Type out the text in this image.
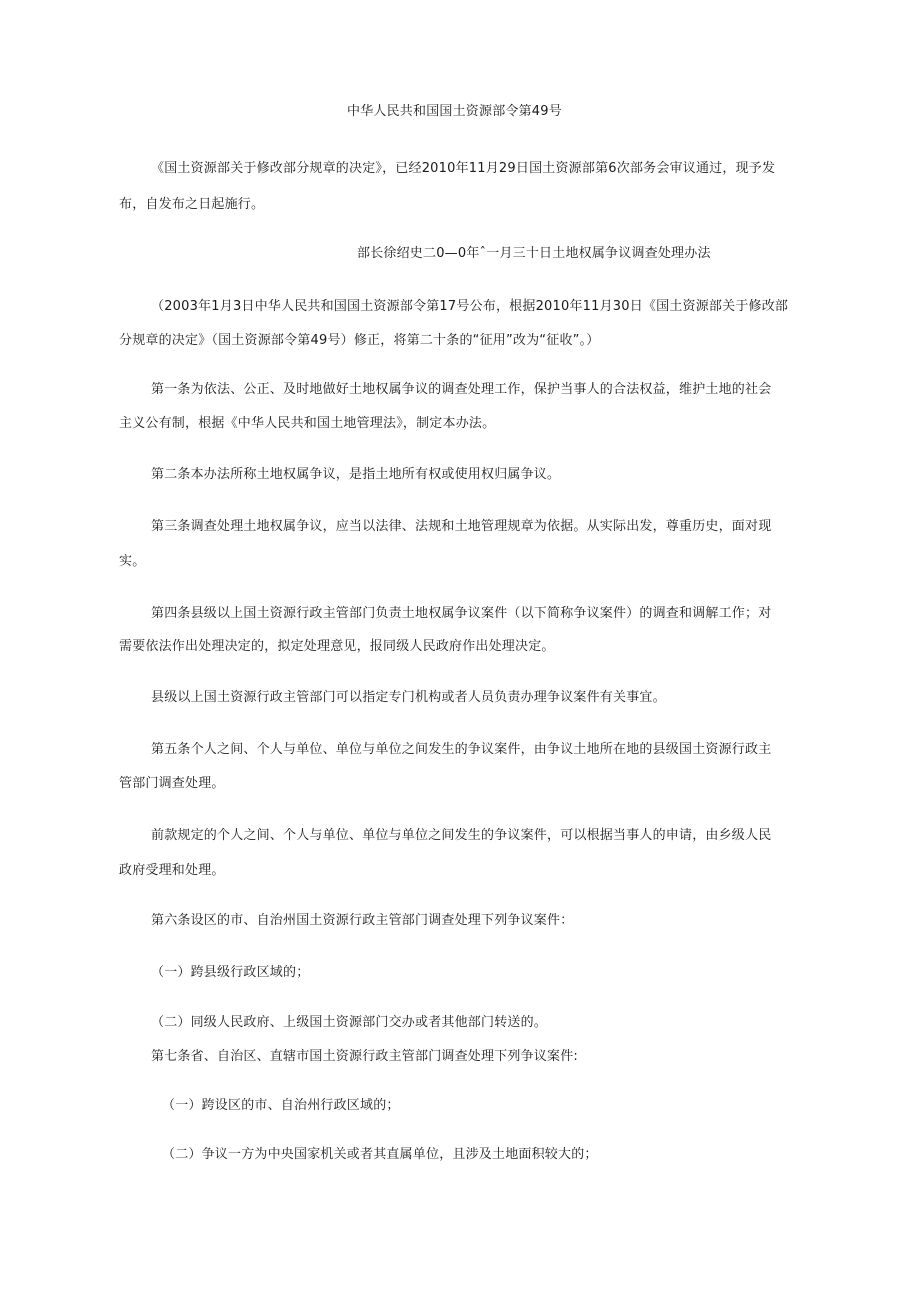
中华人民共和国国土资源部令第49号
《国土资源部关于修改部分规章的决定》，已经2010年11月29日国土资源部第6次部务会审议通过，现予发
布，自发布之日起施行。
部长徐绍史二0—0年ˆ一月三十日土地权属争议调查处理办法
（2003年1月3日中华人民共和国国土资源部令第17号公布，根据2010年11月30日《国土资源部关于修改部
分规章的决定》（国土资源部令第49号）修正，将第二十条的“征用”改为“征收”。）
第一条为依法、公正、及时地做好土地权属争议的调查处理工作，保护当事人的合法权益，维护土地的社会
主义公有制，根据《中华人民共和国土地管理法》，制定本办法。
第二条本办法所称土地权属争议，是指土地所有权或使用权归属争议。
第三条调查处理土地权属争议，应当以法律、法规和土地管理规章为依据。从实际出发，尊重历史，面对现
实。
第四条县级以上国土资源行政主管部门负责土地权属争议案件（以下简称争议案件）的调查和调解工作；对
需要依法作出处理决定的，拟定处理意见，报同级人民政府作出处理决定。
县级以上国土资源行政主管部门可以指定专门机构或者人员负责办理争议案件有关事宜。
第五条个人之间、个人与单位、单位与单位之间发生的争议案件，由争议土地所在地的县级国土资源行政主
管部门调查处理。
前款规定的个人之间、个人与单位、单位与单位之间发生的争议案件，可以根据当事人的申请，由乡级人民
政府受理和处理。
第六条设区的市、自治州国土资源行政主管部门调查处理下列争议案件：
（一）跨县级行政区域的；
（二）同级人民政府、上级国土资源部门交办或者其他部门转送的。
第七条省、自治区、直辖市国土资源行政主管部门调查处理下列争议案件:
（一）跨设区的市、自治州行政区域的；
（二）争议一方为中央国家机关或者其直属单位，且涉及土地面积较大的；
